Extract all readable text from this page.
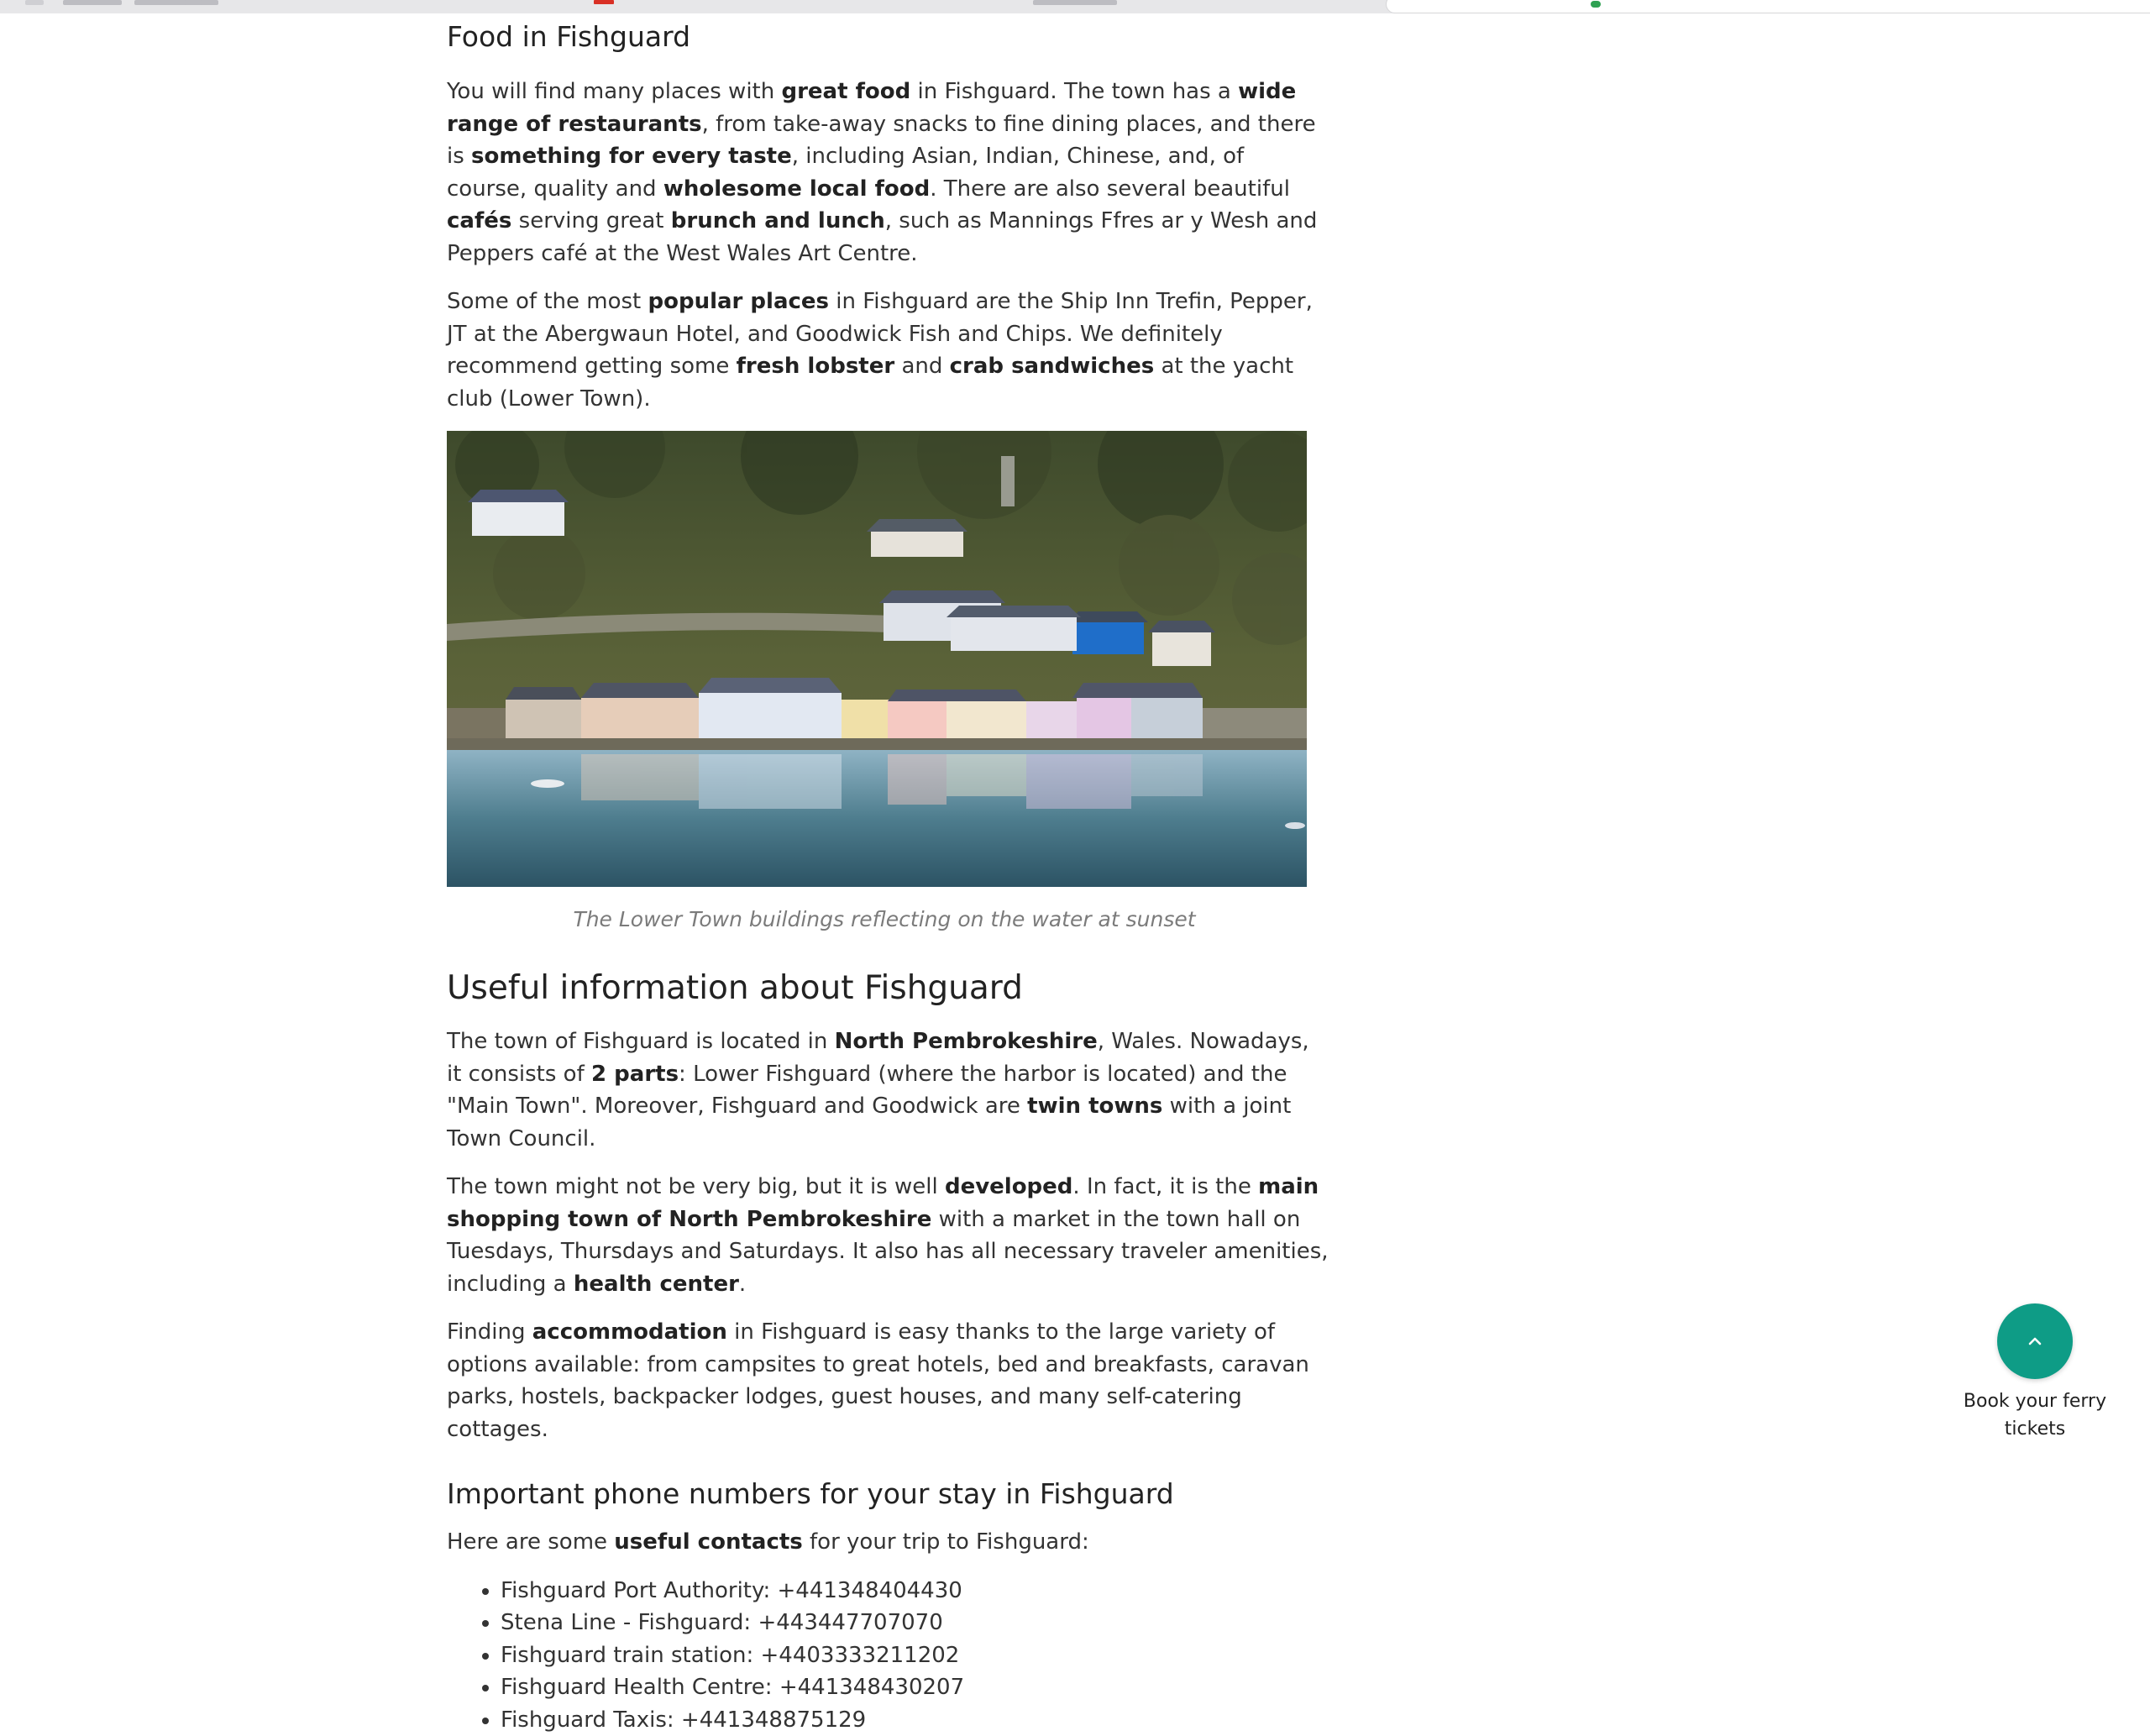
Food in Fishguard

You will find many places with great food in Fishguard. The town has a wide range of restaurants, from take-away snacks to fine dining places, and there is something for every taste, including Asian, Indian, Chinese, and, of course, quality and wholesome local food. There are also several beautiful cafés serving great brunch and lunch, such as Mannings Ffres ar y Wesh and Peppers café at the West Wales Art Centre.

Some of the most popular places in Fishguard are the Ship Inn Trefin, Pepper, JT at the Abergwaun Hotel, and Goodwick Fish and Chips. We definitely recommend getting some fresh lobster and crab sandwiches at the yacht club (Lower Town).

The Lower Town buildings reflecting on the water at sunset
Useful information about Fishguard

The town of Fishguard is located in North Pembrokeshire, Wales. Nowadays, it consists of 2 parts: Lower Fishguard (where the harbor is located) and the "Main Town". Moreover, Fishguard and Goodwick are twin towns with a joint Town Council.

The town might not be very big, but it is well developed. In fact, it is the main shopping town of North Pembrokeshire with a market in the town hall on Tuesdays, Thursdays and Saturdays. It also has all necessary traveler amenities, including a health center.

Finding accommodation in Fishguard is easy thanks to the large variety of options available: from campsites to great hotels, bed and breakfasts, caravan parks, hostels, backpacker lodges, guest houses, and many self-catering cottages.

Important phone numbers for your stay in Fishguard

Here are some useful contacts for your trip to Fishguard:

• Fishguard Port Authority: +441348404430
• Stena Line - Fishguard: +443447707070
• Fishguard train station: +4403333211202
• Fishguard Health Centre: +441348430207
• Fishguard Taxis: +441348875129
Book your ferry tickets
